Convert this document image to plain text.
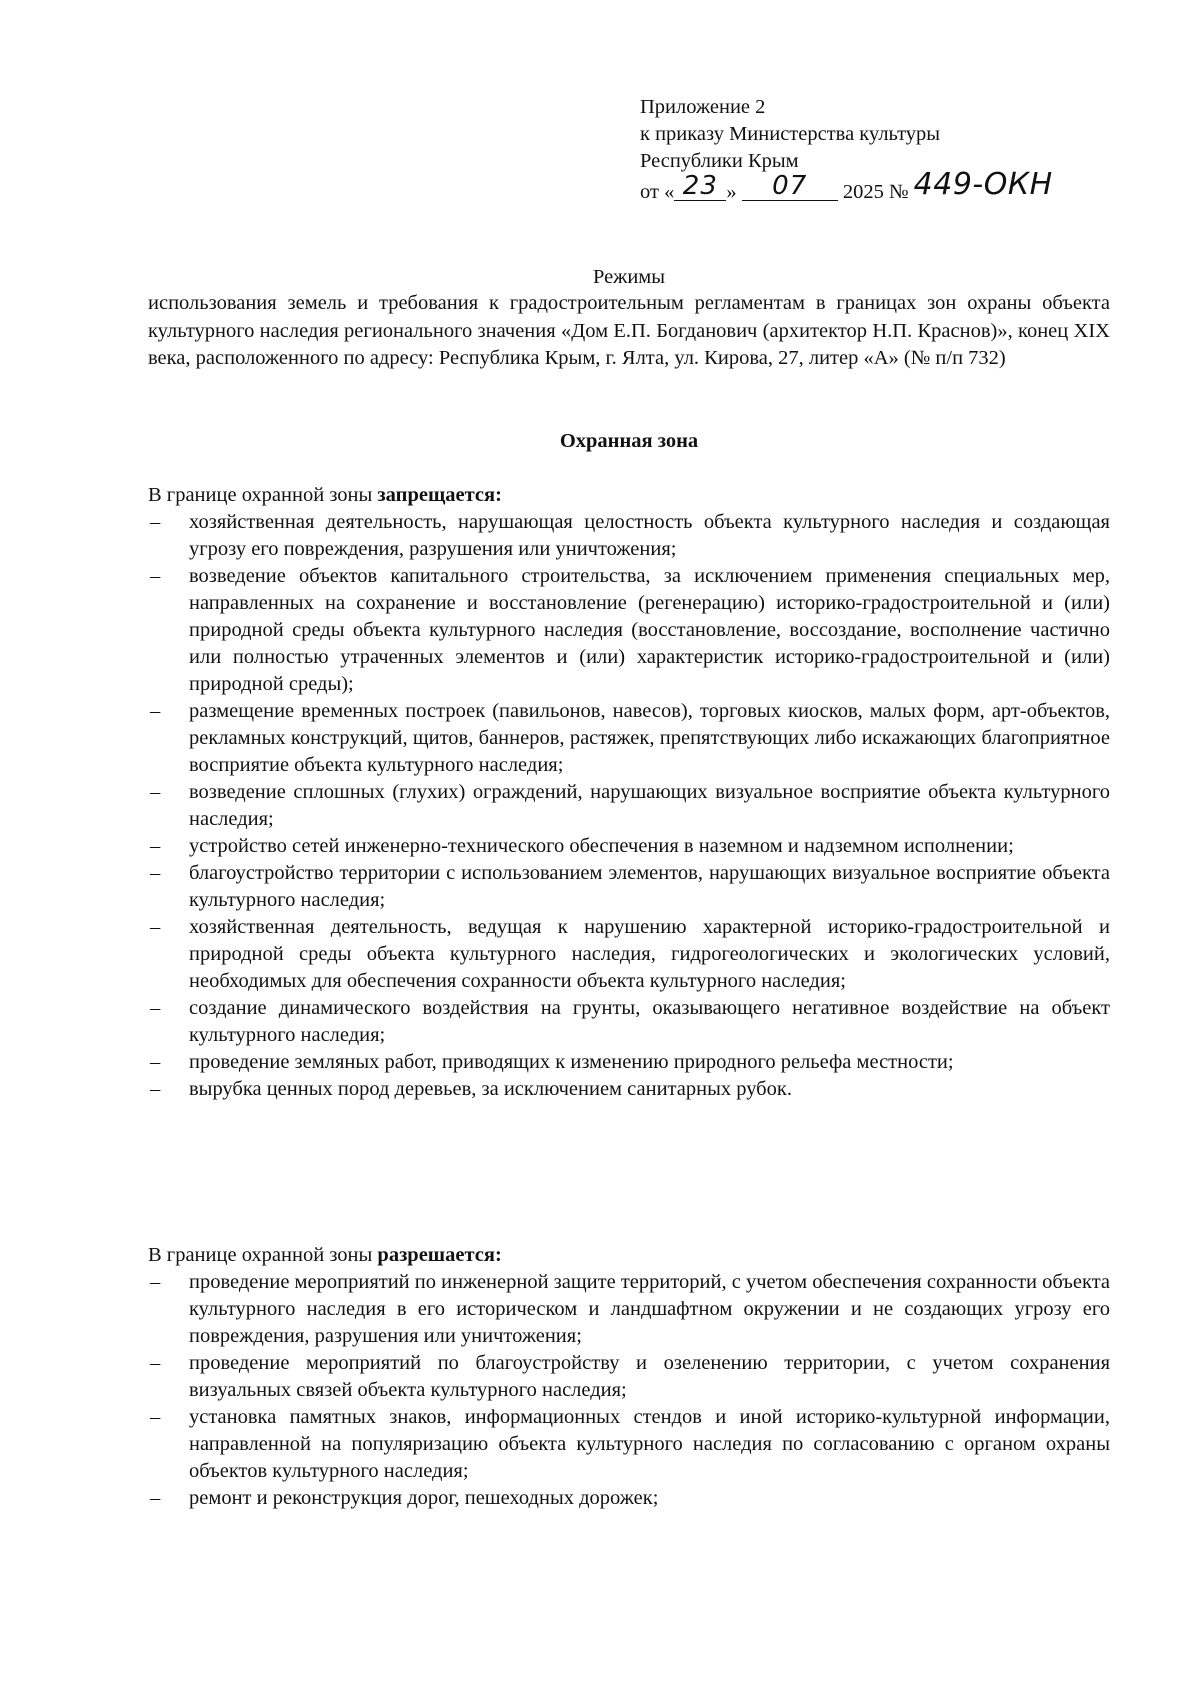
Приложение 2
к приказу Министерства культуры
Республики Крым
от « 23 » 07 2025 № 449-ОКН
Режимы
использования земель и требования к градостроительным регламентам в границах зон охраны объекта культурного наследия регионального значения «Дом Е.П. Богданович (архитектор Н.П. Краснов)», конец XIX века, расположенного по адресу: Республика Крым, г. Ялта, ул. Кирова, 27, литер «А» (№ п/п 732)
Охранная зона
В границе охранной зоны запрещается:
– хозяйственная деятельность, нарушающая целостность объекта культурного наследия и создающая угрозу его повреждения, разрушения или уничтожения;
– возведение объектов капитального строительства, за исключением применения специальных мер, направленных на сохранение и восстановление (регенерацию) историко-градостроительной и (или) природной среды объекта культурного наследия (восстановление, воссоздание, восполнение частично или полностью утраченных элементов и (или) характеристик историко-градостроительной и (или) природной среды);
– размещение временных построек (павильонов, навесов), торговых киосков, малых форм, арт-объектов, рекламных конструкций, щитов, баннеров, растяжек, препятствующих либо искажающих благоприятное восприятие объекта культурного наследия;
– возведение сплошных (глухих) ограждений, нарушающих визуальное восприятие объекта культурного наследия;
– устройство сетей инженерно-технического обеспечения в наземном и надземном исполнении;
– благоустройство территории с использованием элементов, нарушающих визуальное восприятие объекта культурного наследия;
– хозяйственная деятельность, ведущая к нарушению характерной историко-градостроительной и природной среды объекта культурного наследия, гидрогеологических и экологических условий, необходимых для обеспечения сохранности объекта культурного наследия;
– создание динамического воздействия на грунты, оказывающего негативное воздействие на объект культурного наследия;
– проведение земляных работ, приводящих к изменению природного рельефа местности;
– вырубка ценных пород деревьев, за исключением санитарных рубок.
В границе охранной зоны разрешается:
– проведение мероприятий по инженерной защите территорий, с учетом обеспечения сохранности объекта культурного наследия в его историческом и ландшафтном окружении и не создающих угрозу его повреждения, разрушения или уничтожения;
– проведение мероприятий по благоустройству и озеленению территории, с учетом сохранения визуальных связей объекта культурного наследия;
– установка памятных знаков, информационных стендов и иной историко-культурной информации, направленной на популяризацию объекта культурного наследия по согласованию с органом охраны объектов культурного наследия;
– ремонт и реконструкция дорог, пешеходных дорожек;
